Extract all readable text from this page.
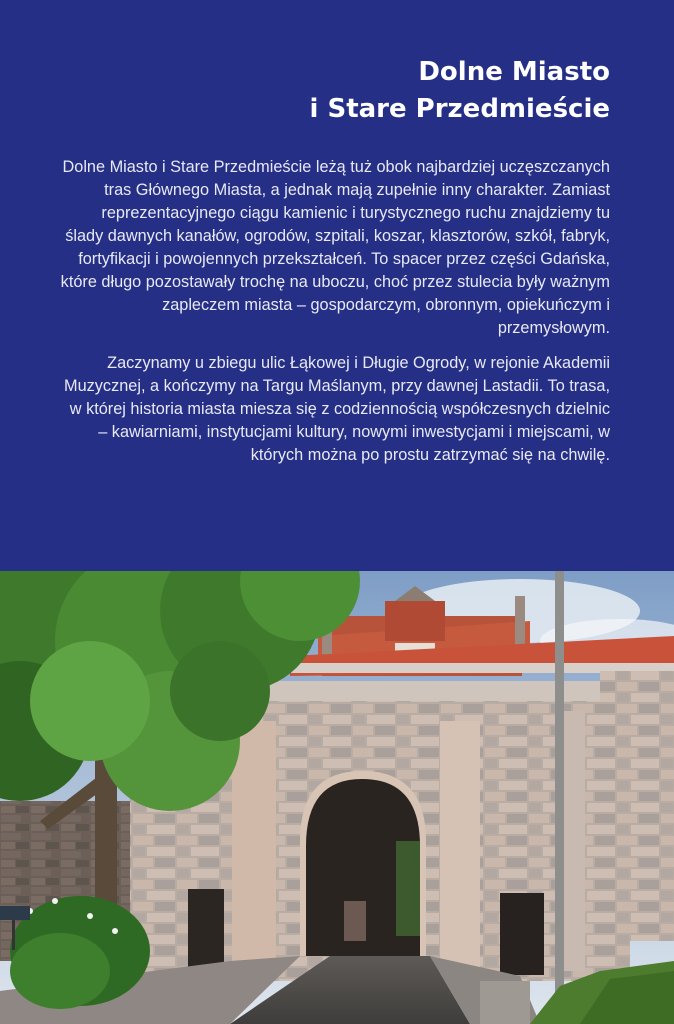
Dolne Miasto
i Stare Przedmieście

Dolne Miasto i Stare Przedmieście leżą tuż obok najbardziej uczęszczanych tras Głównego Miasta, a jednak mają zupełnie inny charakter. Zamiast reprezentacyjnego ciągu kamienic i turystycznego ruchu znajdziemy tu ślady dawnych kanałów, ogrodów, szpitali, koszar, klasztorów, szkół, fabryk, fortyfikacji i powojennych przekształceń. To spacer przez części Gdańska, które długo pozostawały trochę na uboczu, choć przez stulecia były ważnym zapleczem miasta – gospodarczym, obronnym, opiekuńczym i przemysłowym.

Zaczynamy u zbiegu ulic Łąkowej i Długie Ogrody, w rejonie Akademii Muzycznej, a kończymy na Targu Maślanym, przy dawnej Lastadii. To trasa, w której historia miasta miesza się z codziennością współczesnych dzielnic – kawiarniami, instytucjami kultury, nowymi inwestycjami i miejscami, w których można po prostu zatrzymać się na chwilę.
